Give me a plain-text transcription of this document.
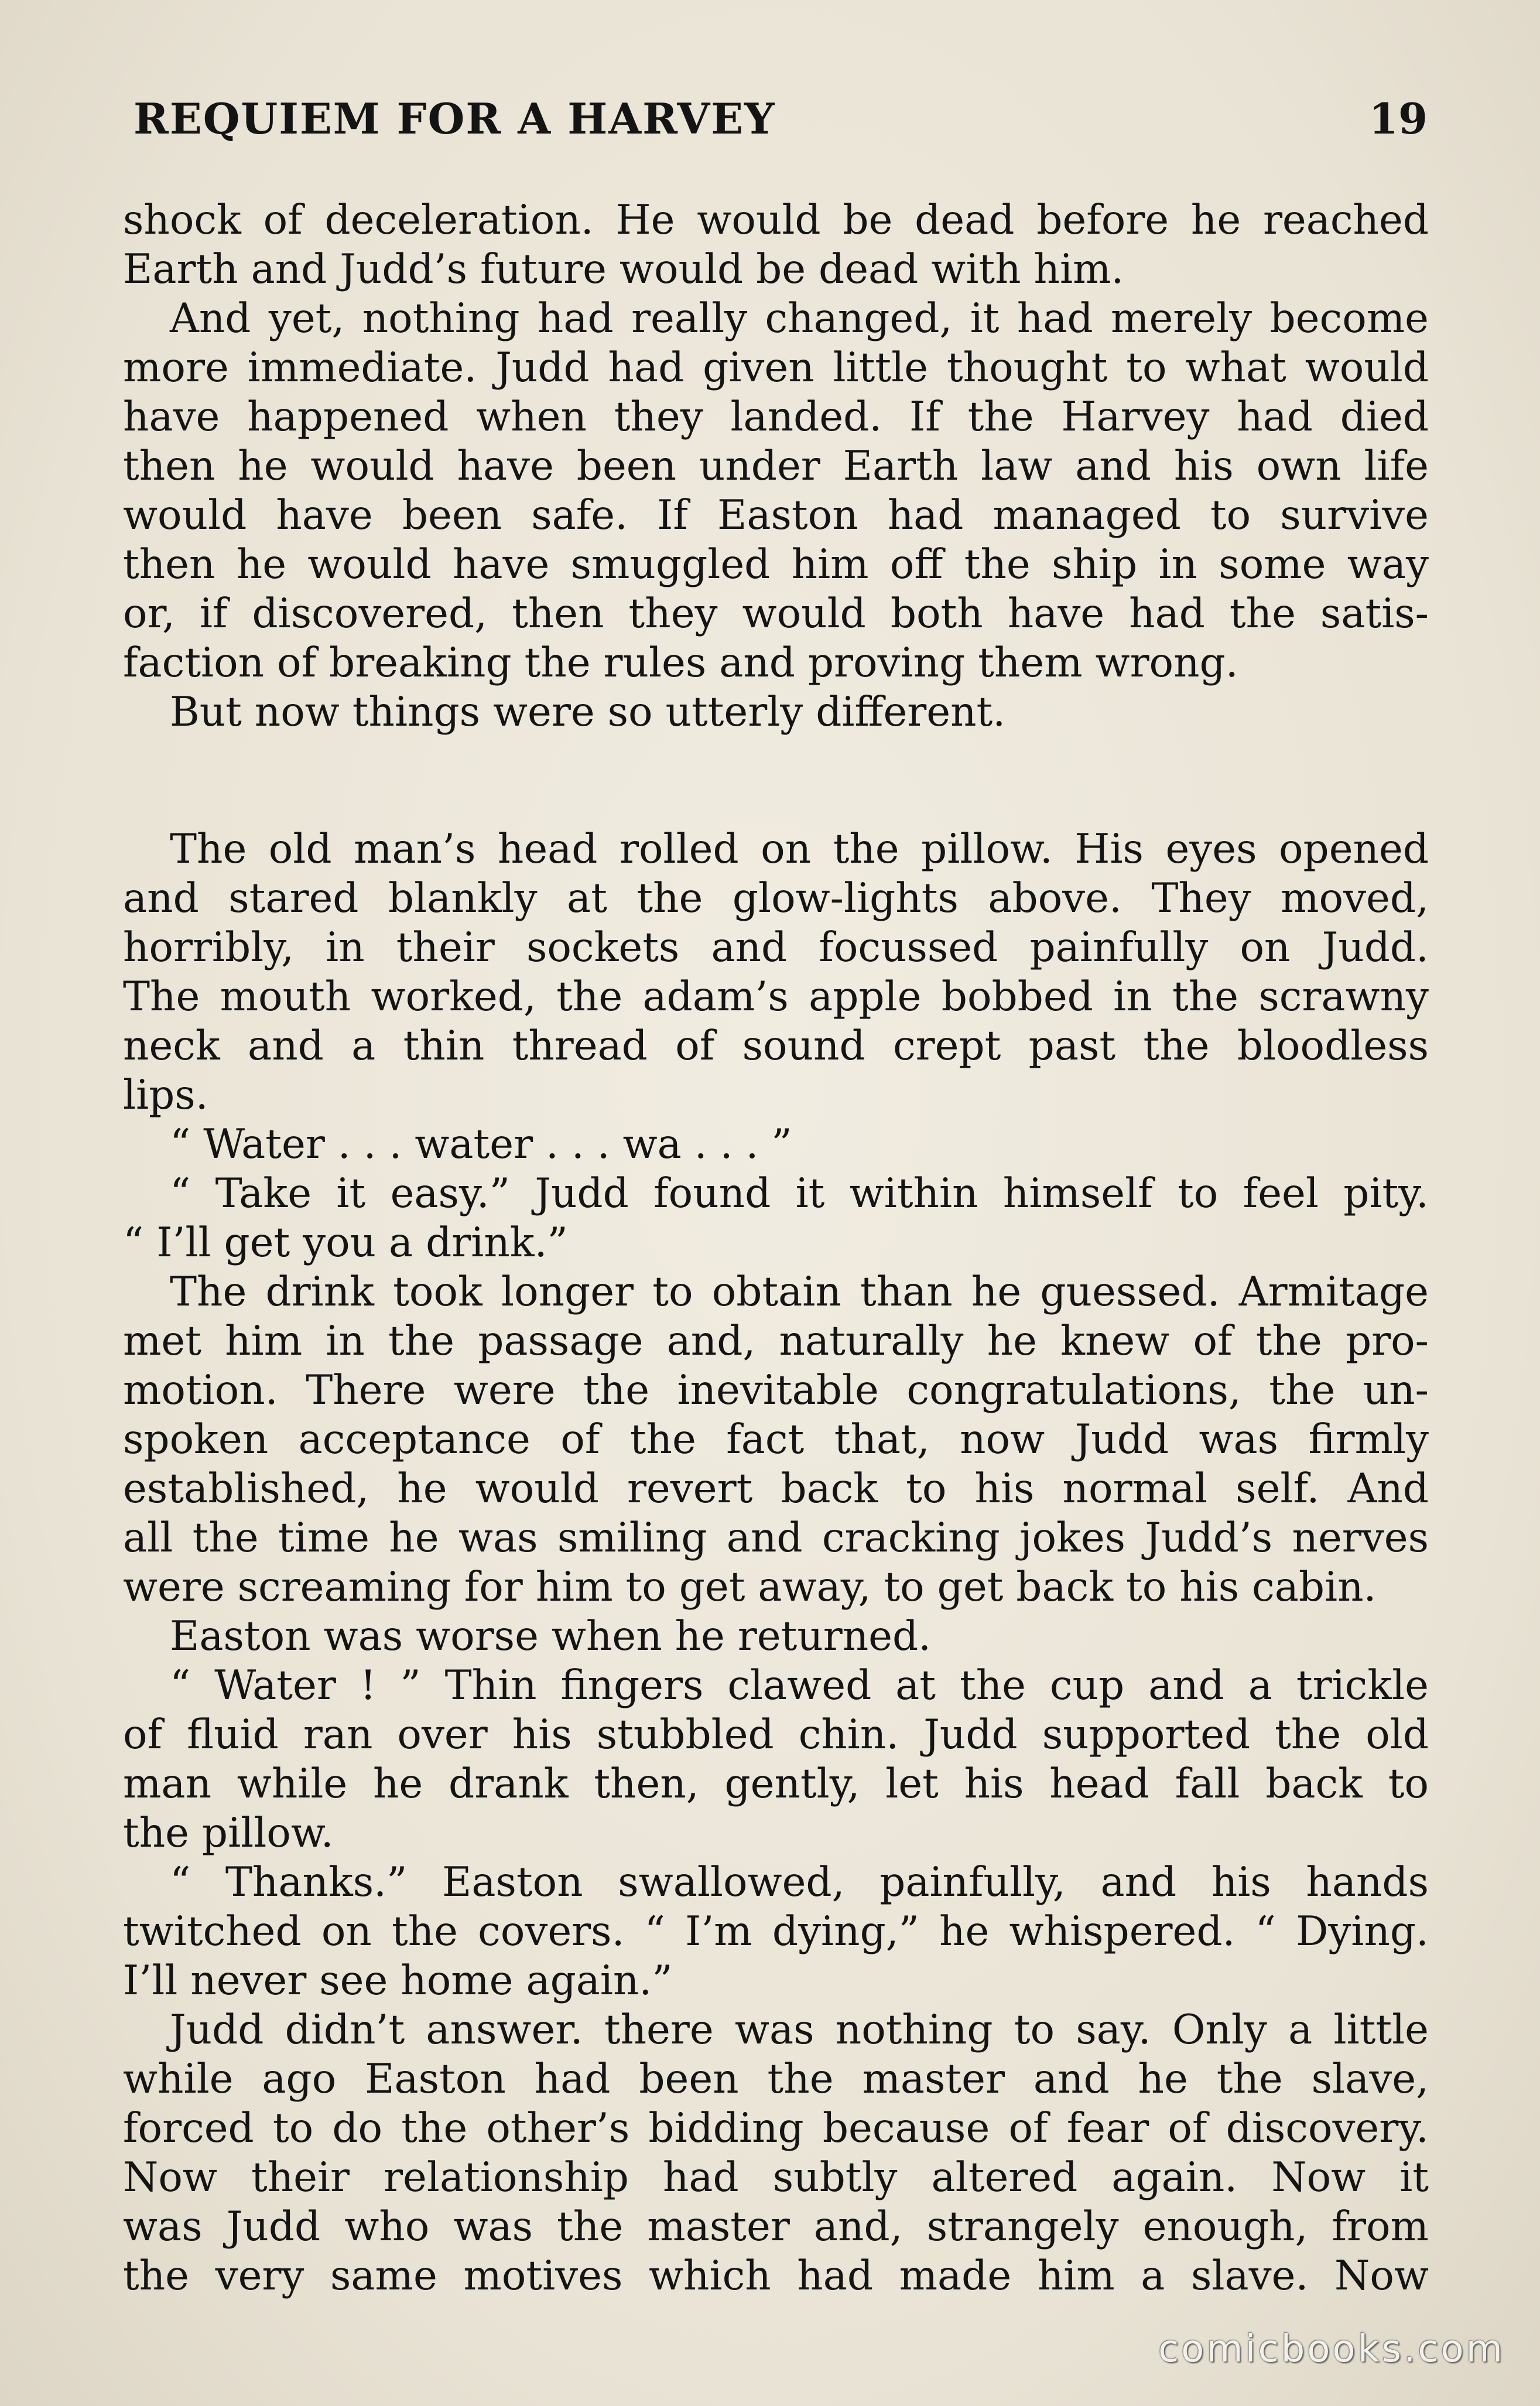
REQUIEM FOR A HARVEY	19
shock of deceleration. He would be dead before he reached
Earth and Judd’s future would be dead with him.
And yet, nothing had really changed, it had merely become
more immediate. Judd had given little thought to what would
have happened when they landed. If the Harvey had died
then he would have been under Earth law and his own life
would have been safe. If Easton had managed to survive
then he would have smuggled him off the ship in some way
or, if discovered, then they would both have had the satis-
faction of breaking the rules and proving them wrong.
But now things were so utterly different.
The old man’s head rolled on the pillow. His eyes opened
and stared blankly at the glow-lights above. They moved,
horribly, in their sockets and focussed painfully on Judd.
The mouth worked, the adam’s apple bobbed in the scrawny
neck and a thin thread of sound crept past the bloodless
lips.
“ Water . . . water . . . wa . . . ”
“ Take it easy.” Judd found it within himself to feel pity.
“ I’ll get you a drink.”
The drink took longer to obtain than he guessed. Armitage
met him in the passage and, naturally he knew of the pro-
motion. There were the inevitable congratulations, the un-
spoken acceptance of the fact that, now Judd was firmly
established, he would revert back to his normal self. And
all the time he was smiling and cracking jokes Judd’s nerves
were screaming for him to get away, to get back to his cabin.
Easton was worse when he returned.
“ Water ! ” Thin fingers clawed at the cup and a trickle
of fluid ran over his stubbled chin. Judd supported the old
man while he drank then, gently, let his head fall back to
the pillow.
“ Thanks.” Easton swallowed, painfully, and his hands
twitched on the covers. “ I’m dying,” he whispered. “ Dying.
I’ll never see home again.”
Judd didn’t answer. there was nothing to say. Only a little
while ago Easton had been the master and he the slave,
forced to do the other’s bidding because of fear of discovery.
Now their relationship had subtly altered again. Now it
was Judd who was the master and, strangely enough, from
the very same motives which had made him a slave. Now
comicbooks.com
